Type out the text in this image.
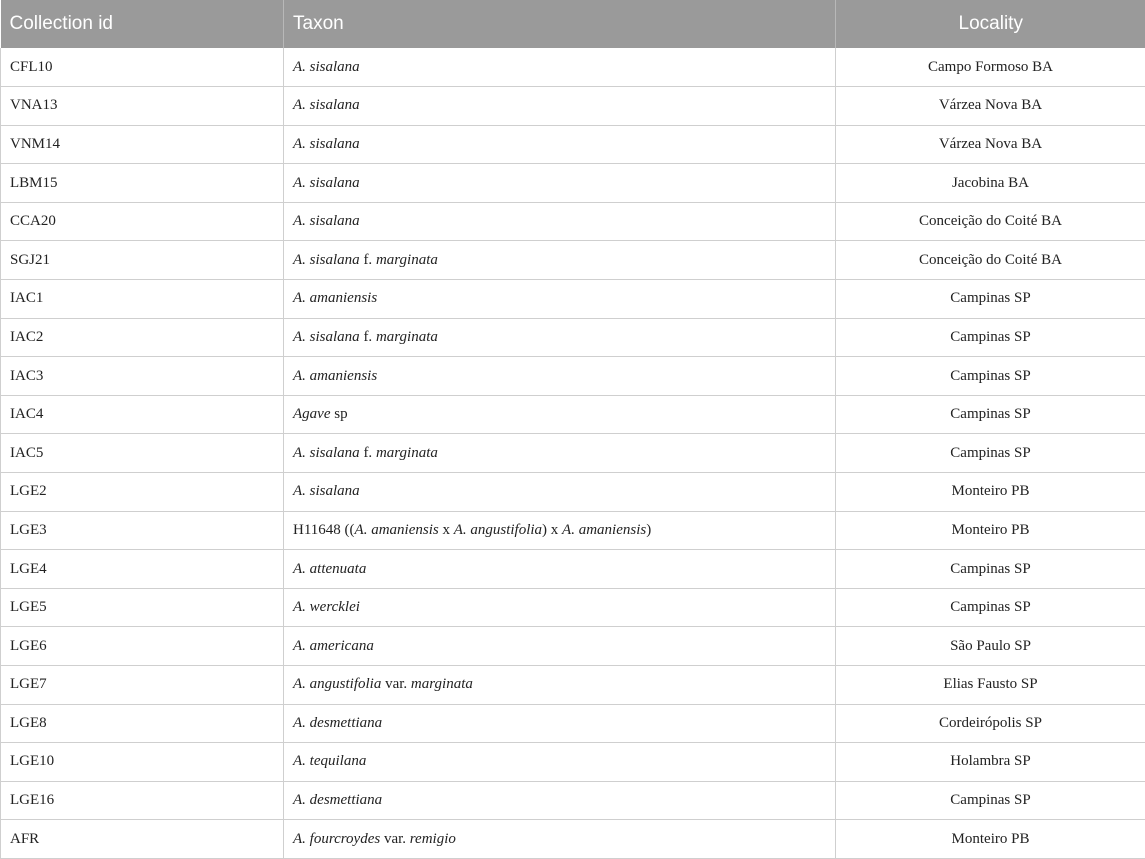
Collection id	Taxon	Locality
CFL10	A. sisalana	Campo Formoso BA
VNA13	A. sisalana	Várzea Nova BA
VNM14	A. sisalana	Várzea Nova BA
LBM15	A. sisalana	Jacobina BA
CCA20	A. sisalana	Conceição do Coité BA
SGJ21	A. sisalana f. marginata	Conceição do Coité BA
IAC1	A. amaniensis	Campinas SP
IAC2	A. sisalana f. marginata	Campinas SP
IAC3	A. amaniensis	Campinas SP
IAC4	Agave sp	Campinas SP
IAC5	A. sisalana f. marginata	Campinas SP
LGE2	A. sisalana	Monteiro PB
LGE3	H11648 ((A. amaniensis x A. angustifolia) x A. amaniensis)	Monteiro PB
LGE4	A. attenuata	Campinas SP
LGE5	A. wercklei	Campinas SP
LGE6	A. americana	São Paulo SP
LGE7	A. angustifolia var. marginata	Elias Fausto SP
LGE8	A. desmettiana	Cordeirópolis SP
LGE10	A. tequilana	Holambra SP
LGE16	A. desmettiana	Campinas SP
AFR	A. fourcroydes var. remigio	Monteiro PB
